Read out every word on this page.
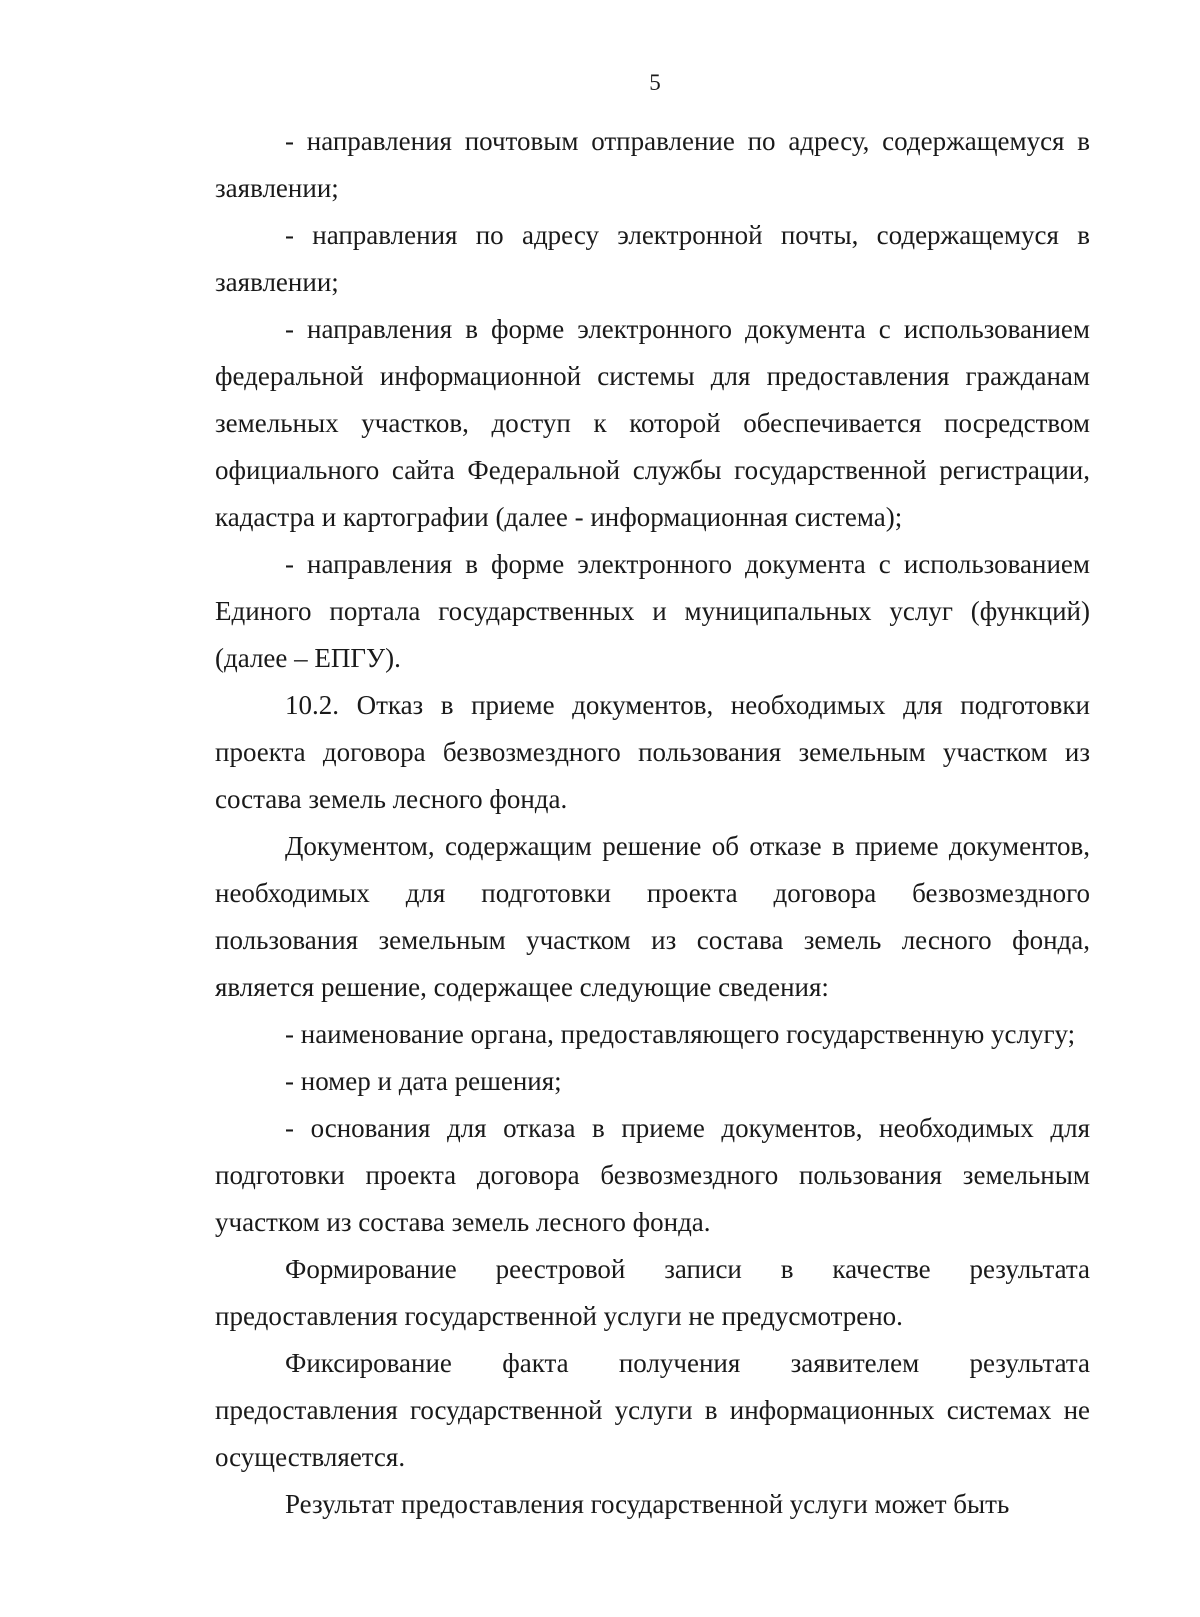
5

- направления почтовым отправление по адресу, содержащемуся в заявлении;

- направления по адресу электронной почты, содержащемуся в заявлении;

- направления в форме электронного документа с использованием федеральной информационной системы для предоставления гражданам земельных участков, доступ к которой обеспечивается посредством официального сайта Федеральной службы государственной регистрации, кадастра и картографии (далее - информационная система);

- направления в форме электронного документа с использованием Единого портала государственных и муниципальных услуг (функций) (далее – ЕПГУ).

10.2. Отказ в приеме документов, необходимых для подготовки проекта договора безвозмездного пользования земельным участком из состава земель лесного фонда.

Документом, содержащим решение об отказе в приеме документов, необходимых для подготовки проекта договора безвозмездного пользования земельным участком из состава земель лесного фонда, является решение, содержащее следующие сведения:

- наименование органа, предоставляющего государственную услугу;

- номер и дата решения;

- основания для отказа в приеме документов, необходимых для подготовки проекта договора безвозмездного пользования земельным участком из состава земель лесного фонда.

Формирование реестровой записи в качестве результата предоставления государственной услуги не предусмотрено.

Фиксирование факта получения заявителем результата предоставления государственной услуги в информационных системах не осуществляется.

Результат предоставления государственной услуги может быть
